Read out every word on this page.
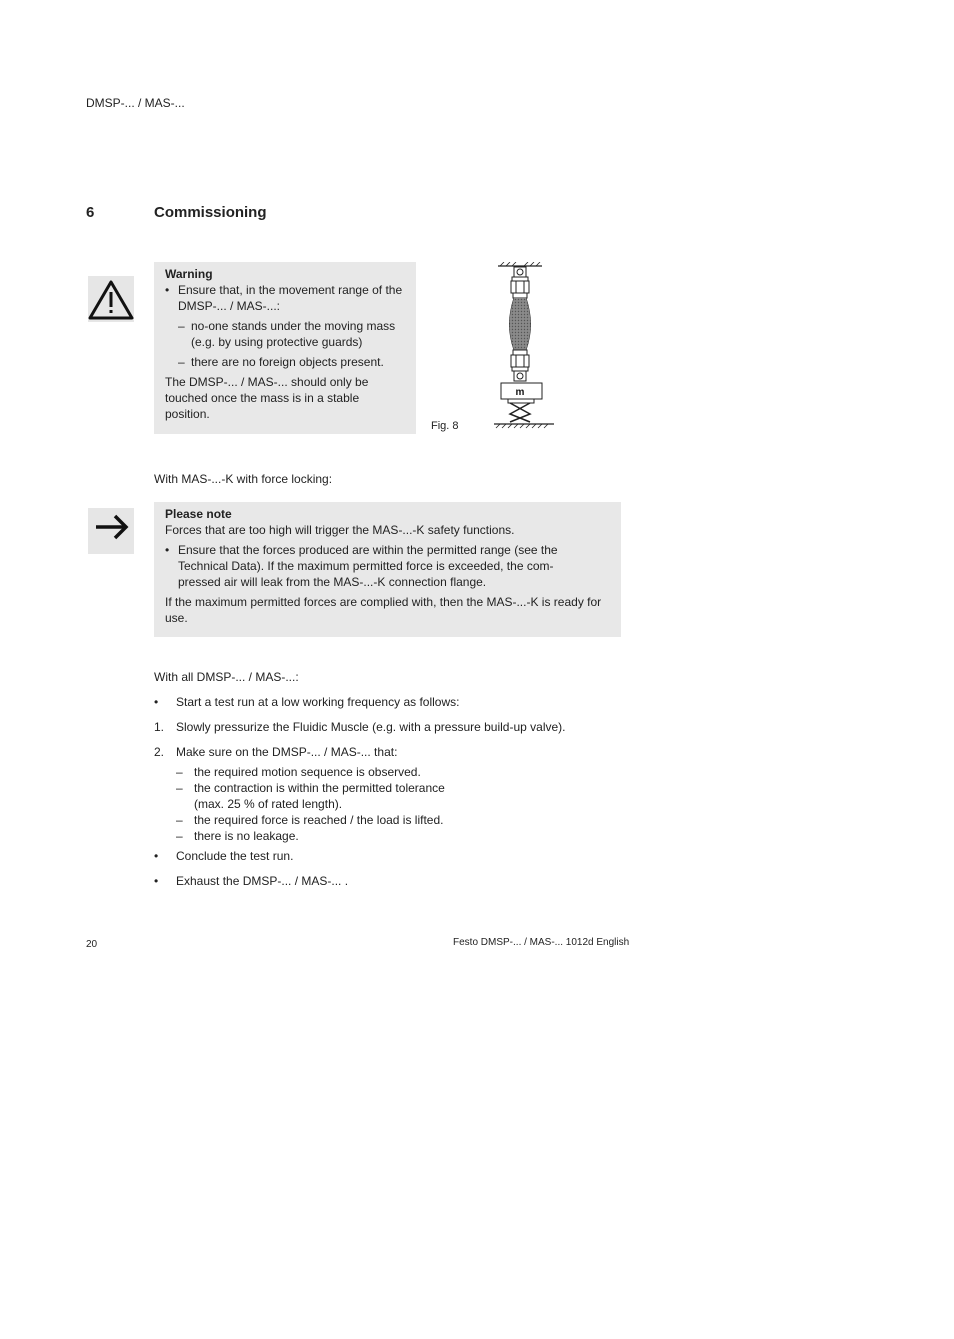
DMSP-... / MAS-...
6	Commissioning

Warning

• Ensure that, in the movement range of the DMSP-... / MAS-...:
– no-one stands under the moving mass (e.g. by using protective guards)
– there are no foreign objects present.

The DMSP-... / MAS-... should only be touched once the mass is in a stable position.

Fig. 8
m
With MAS-...-K with force locking:

Please note

Forces that are too high will trigger the MAS-...-K safety functions.

• Ensure that the forces produced are within the permitted range (see the Technical Data). If the maximum permitted force is exceeded, the com-pressed air will leak from the MAS-...-K connection flange.

If the maximum permitted forces are complied with, then the MAS-...-K is ready for use.

With all DMSP-... / MAS-...:
•	Start a test run at a low working frequency as follows:
1. Slowly pressurize the Fluidic Muscle (e.g. with a pressure build-up valve).
2. Make sure on the DMSP-... / MAS-... that:
– the required motion sequence is observed.
– the contraction is within the permitted tolerance (max. 25 % of rated length).
– the required force is reached / the load is lifted.
– there is no leakage.
•	Conclude the test run.
•	Exhaust the DMSP-... / MAS-... .
20	Festo DMSP-... / MAS-... 1012d English
